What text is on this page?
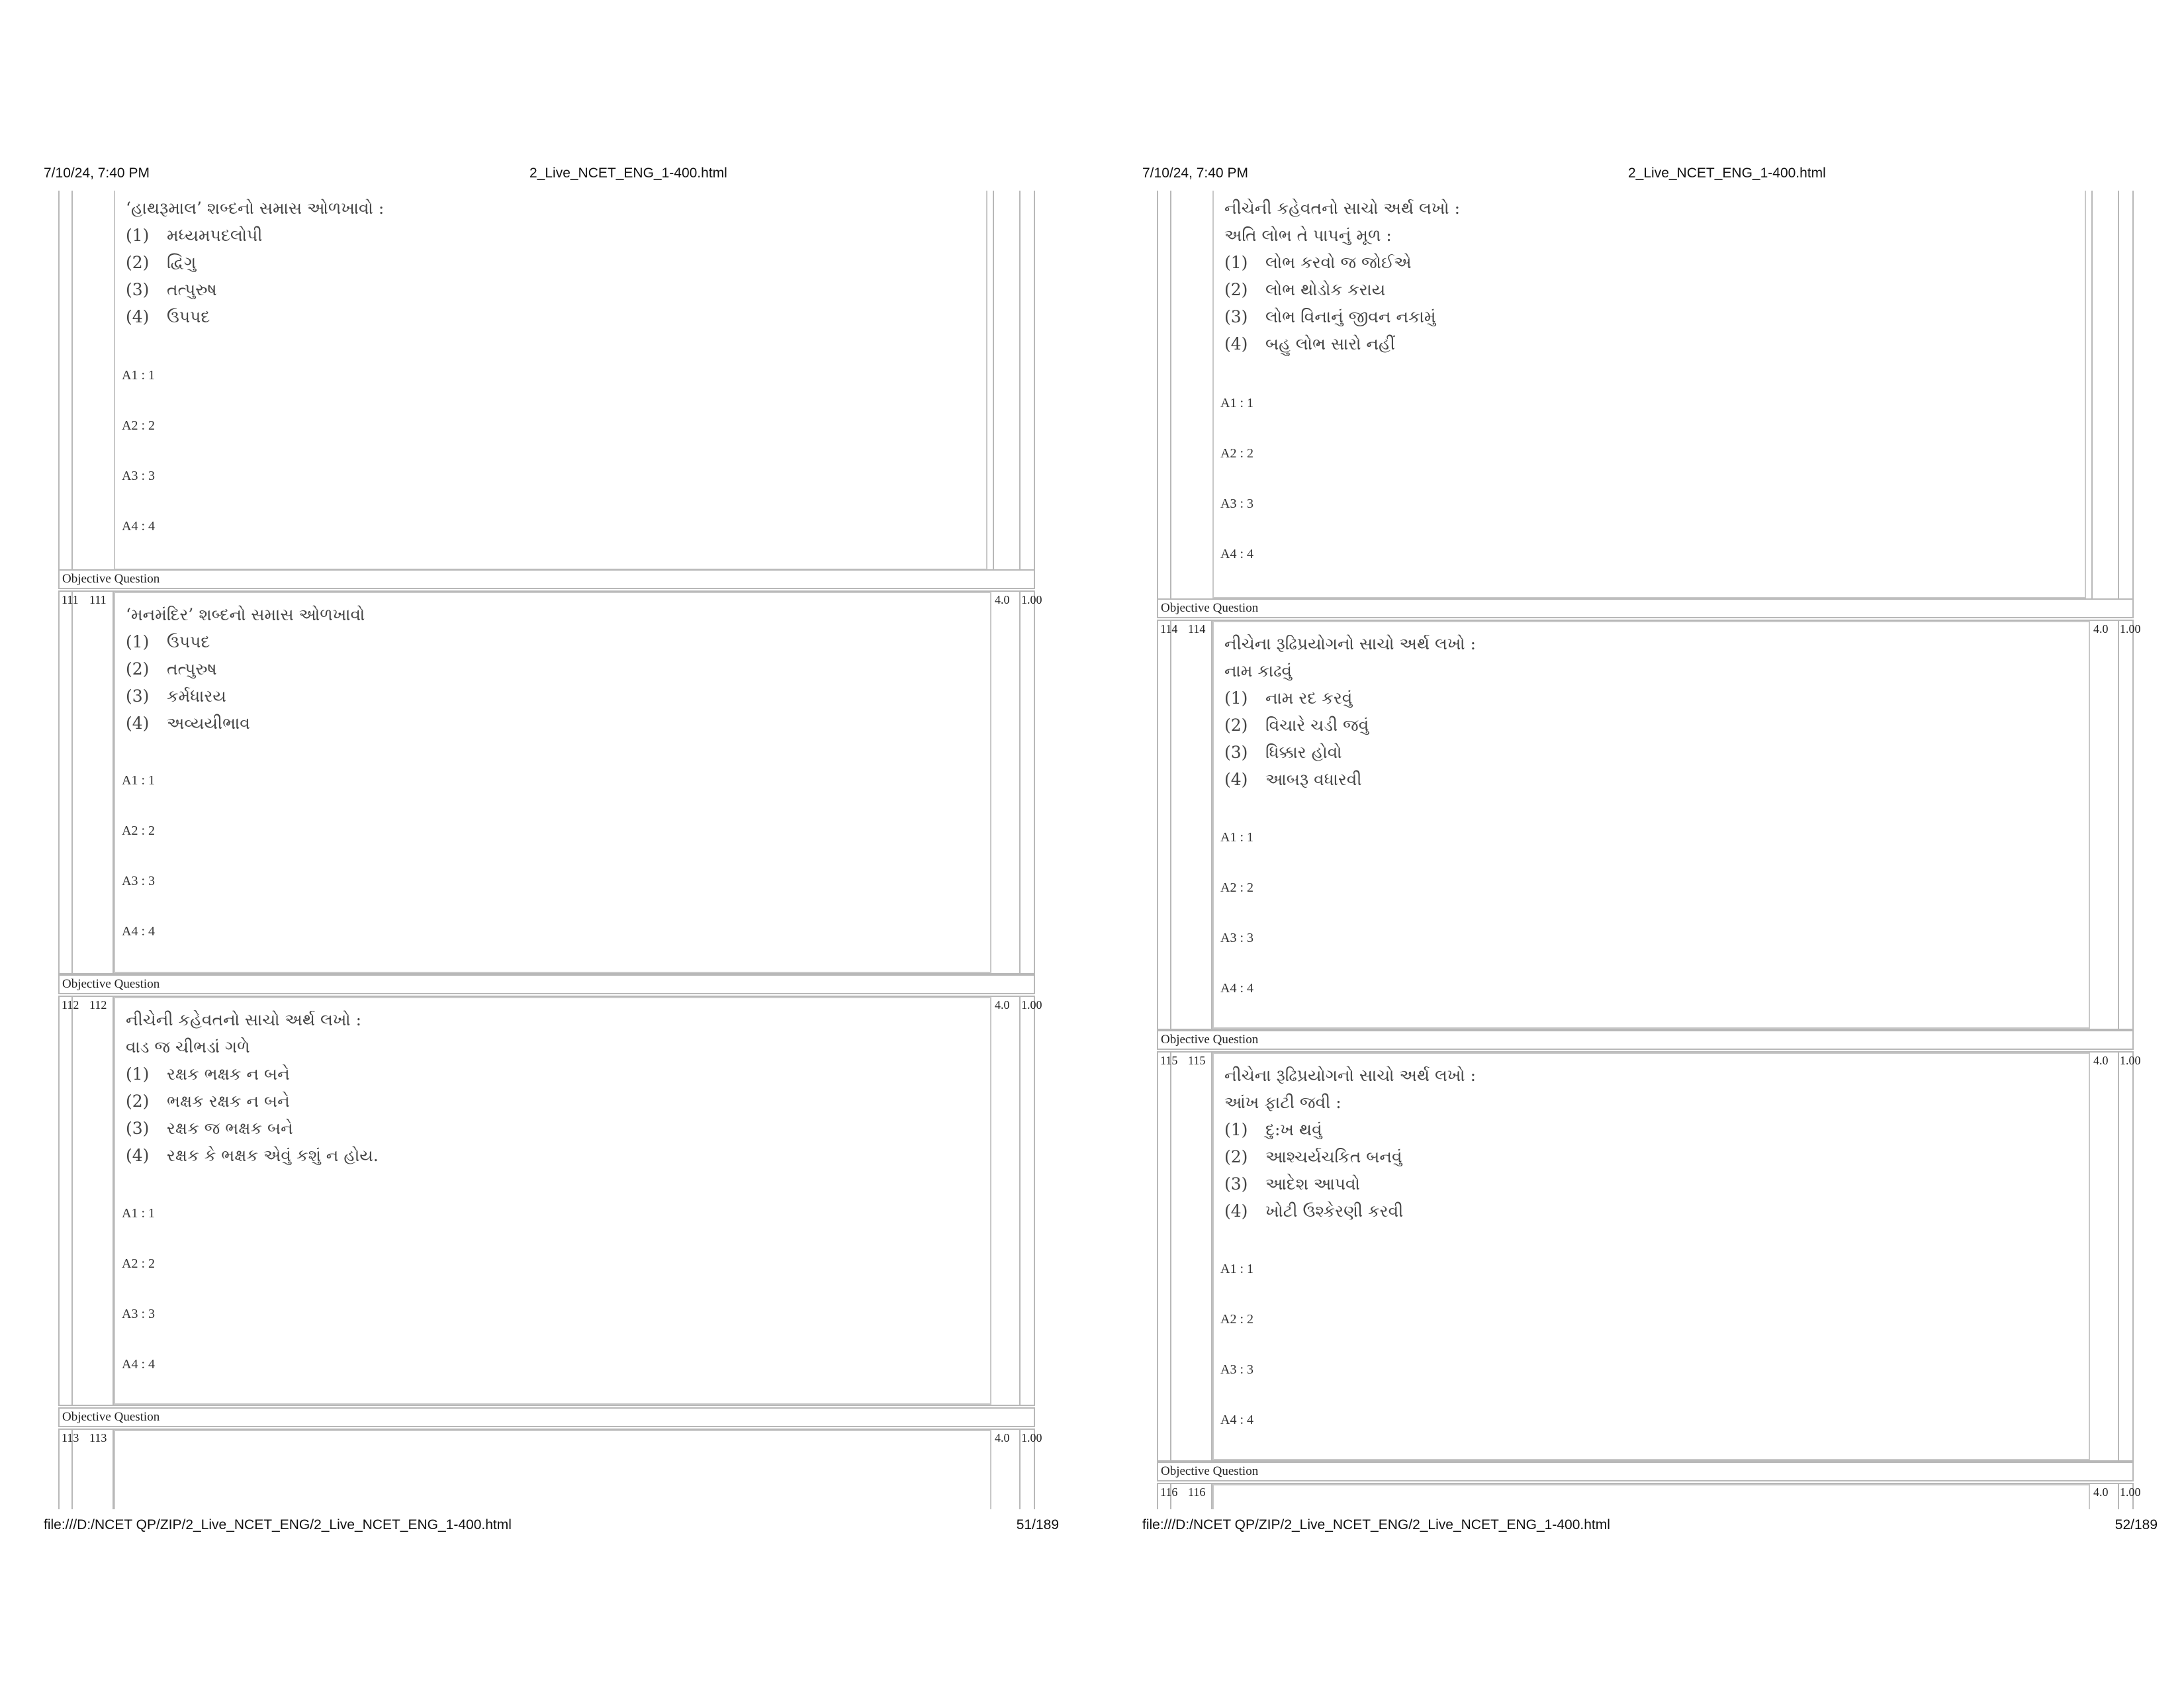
7/10/24, 7:40 PM	2_Live_NCET_ENG_1-400.html
‘હાથરૂમાલ’ શબ્દનો સમાસ ઓળખાવો :
(1)	મધ્યમપદલોપી
(2)	દ્વિગુ
(3)	તત્પુરુષ
(4)	ઉપપદ
A1 : 1
A2 : 2
A3 : 3
A4 : 4
Objective Question
111 111	4.0 1.00
‘મનમંદિર’ શબ્દનો સમાસ ઓળખાવો
(1)	ઉપપદ
(2)	તત્પુરુષ
(3)	કર્મધારય
(4)	અવ્યયીભાવ
A1 : 1
A2 : 2
A3 : 3
A4 : 4
Objective Question
112 112	4.0 1.00
નીચેની કહેવતનો સાચો અર્થ લખો :
વાડ જ ચીભડાં ગળે
(1)	રક્ષક ભક્ષક ન બને
(2)	ભક્ષક રક્ષક ન બને
(3)	રક્ષક જ ભક્ષક બને
(4)	રક્ષક કે ભક્ષક એવું કશું ન હોય.
A1 : 1
A2 : 2
A3 : 3
A4 : 4
Objective Question
113 113	4.0 1.00
file:///D:/NCET QP/ZIP/2_Live_NCET_ENG/2_Live_NCET_ENG_1-400.html	51/189
7/10/24, 7:40 PM	2_Live_NCET_ENG_1-400.html
નીચેની કહેવતનો સાચો અર્થ લખો :
અતિ લોભ તે પાપનું મૂળ :
(1)	લોભ કરવો જ જોઈએ
(2)	લોભ થોડોક કરાય
(3)	લોભ વિનાનું જીવન નકામું
(4)	બહુ લોભ સારો નહીં
A1 : 1
A2 : 2
A3 : 3
A4 : 4
Objective Question
114 114	4.0 1.00
નીચેના રૂઢિપ્રયોગનો સાચો અર્થ લખો :
નામ કાઢવું
(1)	નામ રદ કરવું
(2)	વિચારે ચડી જવું
(3)	ધિક્કાર હોવો
(4)	આબરૂ વધારવી
A1 : 1
A2 : 2
A3 : 3
A4 : 4
Objective Question
115 115	4.0 1.00
નીચેના રૂઢિપ્રયોગનો સાચો અર્થ લખો :
આંખ ફાટી જવી :
(1)	દુ:ખ થવું
(2)	આશ્ચર્યચકિત બનવું
(3)	આદેશ આપવો
(4)	ખોટી ઉશ્કેરણી કરવી
A1 : 1
A2 : 2
A3 : 3
A4 : 4
Objective Question
116 116	4.0 1.00
file:///D:/NCET QP/ZIP/2_Live_NCET_ENG/2_Live_NCET_ENG_1-400.html	52/189
